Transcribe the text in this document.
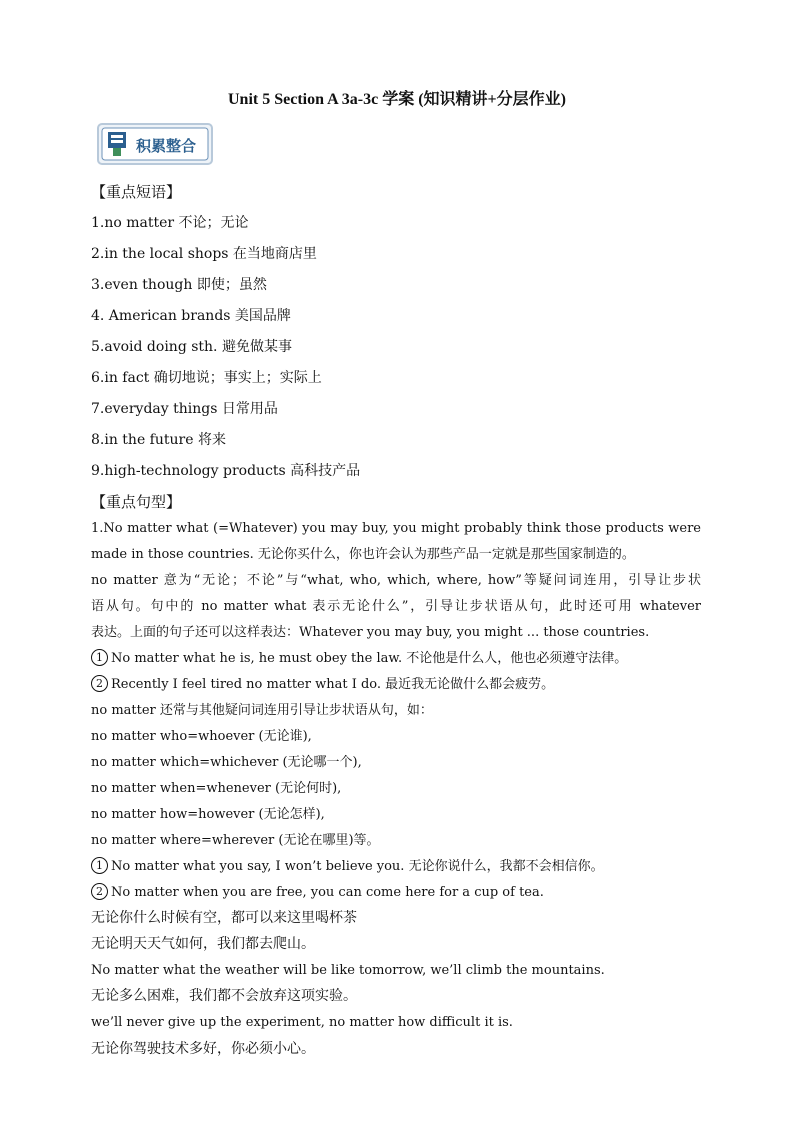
Unit 5 Section A 3a-3c 学案 (知识精讲+分层作业)
积累整合
【重点短语】
1.no matter 不论；无论
2.in the local shops 在当地商店里
3.even though 即使；虽然
4. American brands 美国品牌
5.avoid doing sth. 避免做某事
6.in fact 确切地说；事实上；实际上
7.everyday things 日常用品
8.in the future 将来
9.high-technology products 高科技产品
【重点句型】
1.No matter what (=Whatever) you may buy, you might probably think those products were
made in those countries. 无论你买什么，你也许会认为那些产品一定就是那些国家制造的。
no matter 意为“无论；不论”与“what, who, which, where, how”等疑问词连用，引导让步状
语从句。句中的 no matter what 表示无论什么”，引导让步状语从句，此时还可用 whatever
表达。上面的句子还可以这样表达：Whatever you may buy, you might ... those countries.
1 No matter what he is, he must obey the law. 不论他是什么人，他也必须遵守法律。
2 Recently I feel tired no matter what I do. 最近我无论做什么都会疲劳。
no matter 还常与其他疑问词连用引导让步状语从句，如：
no matter who=whoever (无论谁),
no matter which=whichever (无论哪一个),
no matter when=whenever (无论何时),
no matter how=however (无论怎样),
no matter where=wherever (无论在哪里)等。
1 No matter what you say, I won’t believe you. 无论你说什么，我都不会相信你。
2 No matter when you are free, you can come here for a cup of tea.
无论你什么时候有空，都可以来这里喝杯茶
无论明天天气如何，我们都去爬山。
No matter what the weather will be like tomorrow, we’ll climb the mountains.
无论多么困难，我们都不会放弃这项实验。
we’ll never give up the experiment, no matter how difficult it is.
无论你驾驶技术多好，你必须小心。
